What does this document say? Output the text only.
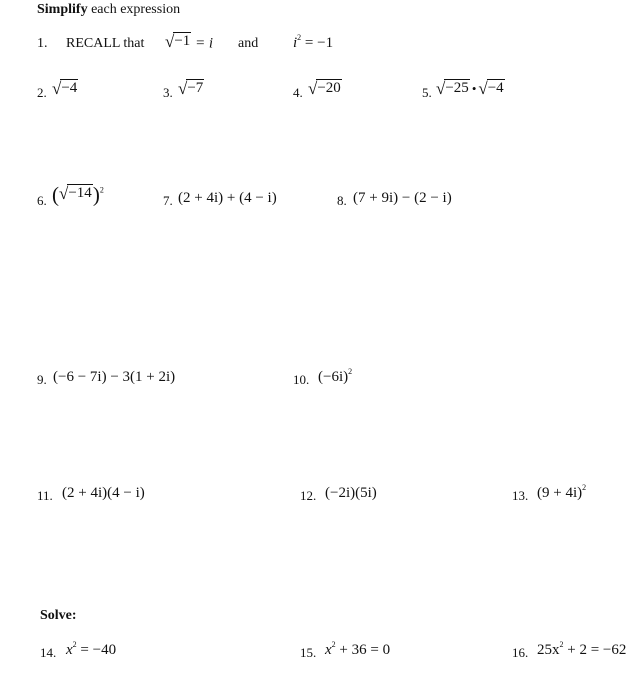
Simplify each expression
1. RECALL that √ −1 = i and $i^2 = -1$
2. √ −4	3. √ −7	4. √ −20	5. √ −25 • √ −4
6. ( √ −14 )$^2$
7. (2 + 4i) + (4 − i)	8. (7 + 9i) − (2 − i)
9. (−6 − 7i) − 3(1 + 2i)	10. $(-6i)^2$
11. (2 + 4i)(4 − i)	12. (−2i)(5i)	13. $(9 + 4i)^2$
Solve:
14. $x^2 = -40$	15. $x^2 + 36 = 0$	16. $25x^2 + 2 = -62$
